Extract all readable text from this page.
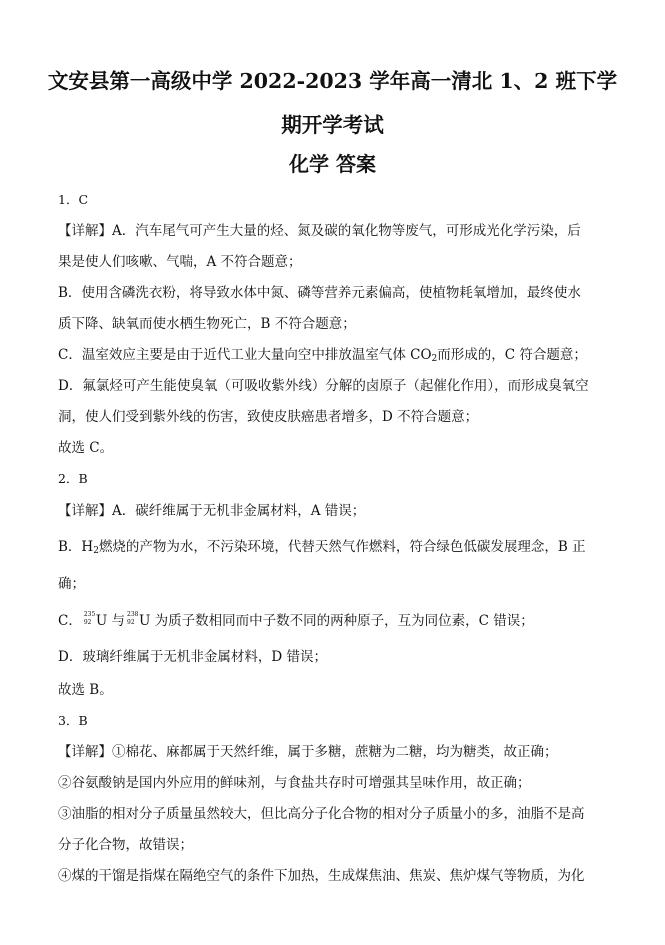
文安县第一高级中学 2022-2023 学年高一清北 1、2 班下学
期开学考试
化学 答案
1．C
【详解】A．汽车尾气可产生大量的烃、氮及碳的氧化物等废气，可形成光化学污染，后
果是使人们咳嗽、气喘，A 不符合题意；
B．使用含磷洗衣粉，将导致水体中氮、磷等营养元素偏高，使植物耗氧增加，最终使水
质下降、缺氧而使水栖生物死亡，B 不符合题意；
C．温室效应主要是由于近代工业大量向空中排放温室气体 $CO_2$而形成的，C 符合题意；
D．氟氯烃可产生能使臭氧（可吸收紫外线）分解的卤原子（起催化作用），而形成臭氧空
洞，使人们受到紫外线的伤害，致使皮肤癌患者增多，D 不符合题意；
故选 C。
2．B
【详解】A．碳纤维属于无机非金属材料，A 错误；
B．$H_2$燃烧的产物为水，不污染环境，代替天然气作燃料，符合绿色低碳发展理念，B 正
确；
C． 235
92 U 与 238
92 U 为质子数相同而中子数不同的两种原子，互为同位素，C 错误；
D．玻璃纤维属于无机非金属材料，D 错误；
故选 B。
3．B
【详解】①棉花、麻都属于天然纤维，属于多糖，蔗糖为二糖，均为糖类，故正确；
②谷氨酸钠是国内外应用的鲜味剂，与食盐共存时可增强其呈味作用，故正确；
③油脂的相对分子质量虽然较大，但比高分子化合物的相对分子质量小的多，油脂不是高
分子化合物，故错误；
④煤的干馏是指煤在隔绝空气的条件下加热，生成煤焦油、焦炭、焦炉煤气等物质，为化
